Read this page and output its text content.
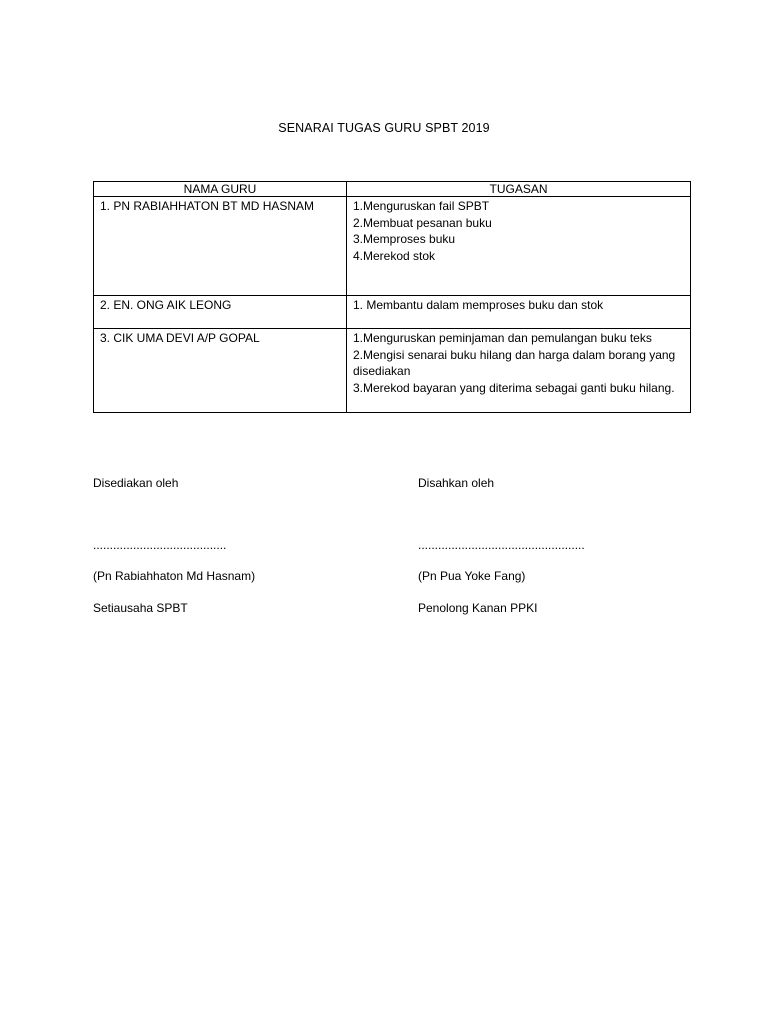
SENARAI TUGAS GURU SPBT 2019
NAMA GURU	TUGASAN
1. PN RABIAHHATON BT MD HASNAM	1.Menguruskan fail SPBT
2.Membuat pesanan buku
3.Memproses buku
4.Merekod stok

2. EN. ONG AIK LEONG	1. Membantu dalam memproses buku dan stok

3. CIK UMA DEVI A/P GOPAL	1.Menguruskan peminjaman dan pemulangan buku teks
2.Mengisi senarai buku hilang dan harga dalam borang yang disediakan
3.Merekod bayaran yang diterima sebagai ganti buku hilang.
Disediakan oleh
........................................
(Pn Rabiahhaton Md Hasnam)
Setiausaha SPBT
Disahkan oleh
..................................................
(Pn Pua Yoke Fang)
Penolong Kanan PPKI
